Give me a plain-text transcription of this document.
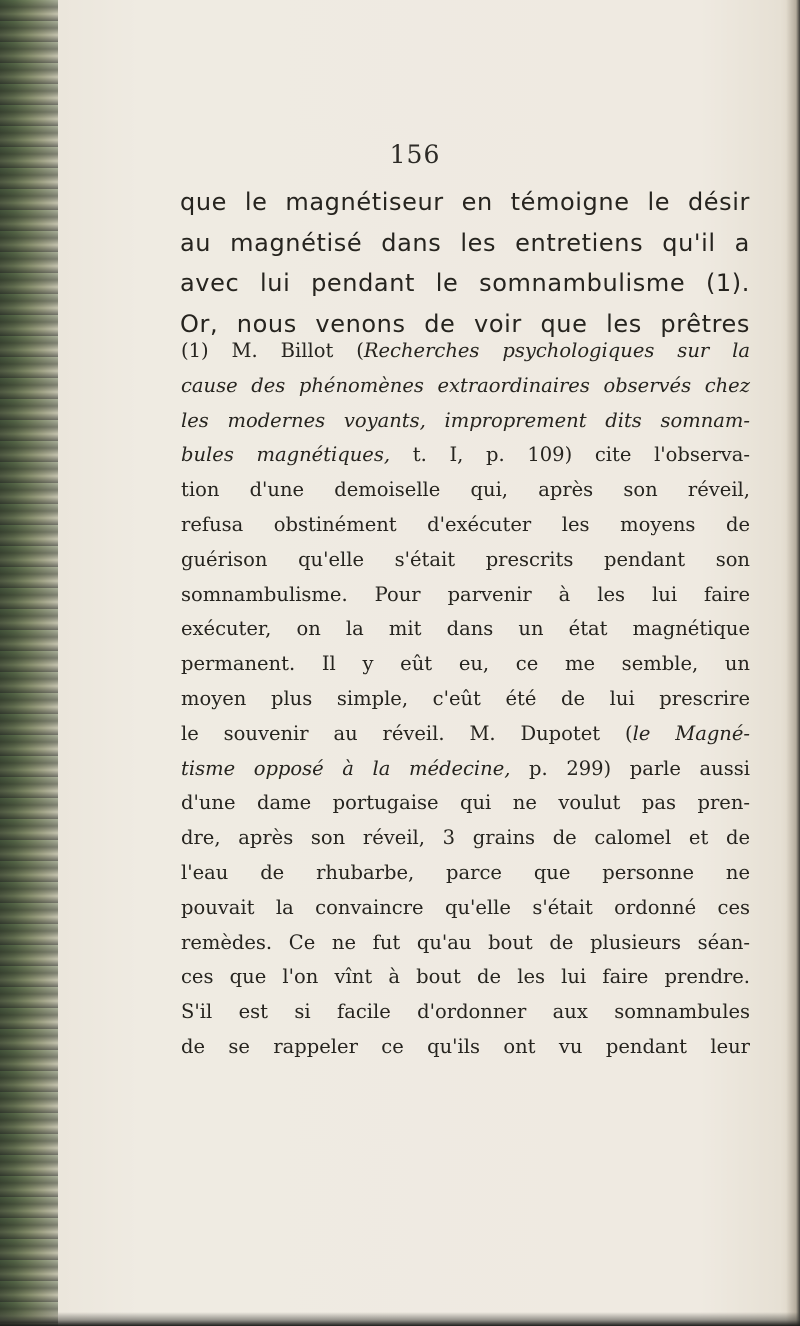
156
que le magnétiseur en témoigne le désir
au magnétisé dans les entretiens qu'il a
avec lui pendant le somnambulisme (1).
Or, nous venons de voir que les prêtres
(1) M. Billot (Recherches psychologiques sur la
cause des phénomènes extraordinaires observés chez
les modernes voyants, improprement dits somnam-
bules magnétiques, t. I, p. 109) cite l'observa-
tion d'une demoiselle qui, après son réveil,
refusa obstinément d'exécuter les moyens de
guérison qu'elle s'était prescrits pendant son
somnambulisme. Pour parvenir à les lui faire
exécuter, on la mit dans un état magnétique
permanent. Il y eût eu, ce me semble, un
moyen plus simple, c'eût été de lui prescrire
le souvenir au réveil. M. Dupotet (le Magné-
tisme opposé à la médecine, p. 299) parle aussi
d'une dame portugaise qui ne voulut pas pren-
dre, après son réveil, 3 grains de calomel et de
l'eau de rhubarbe, parce que personne ne
pouvait la convaincre qu'elle s'était ordonné ces
remèdes. Ce ne fut qu'au bout de plusieurs séan-
ces que l'on vînt à bout de les lui faire prendre.
S'il est si facile d'ordonner aux somnambules
de se rappeler ce qu'ils ont vu pendant leur
